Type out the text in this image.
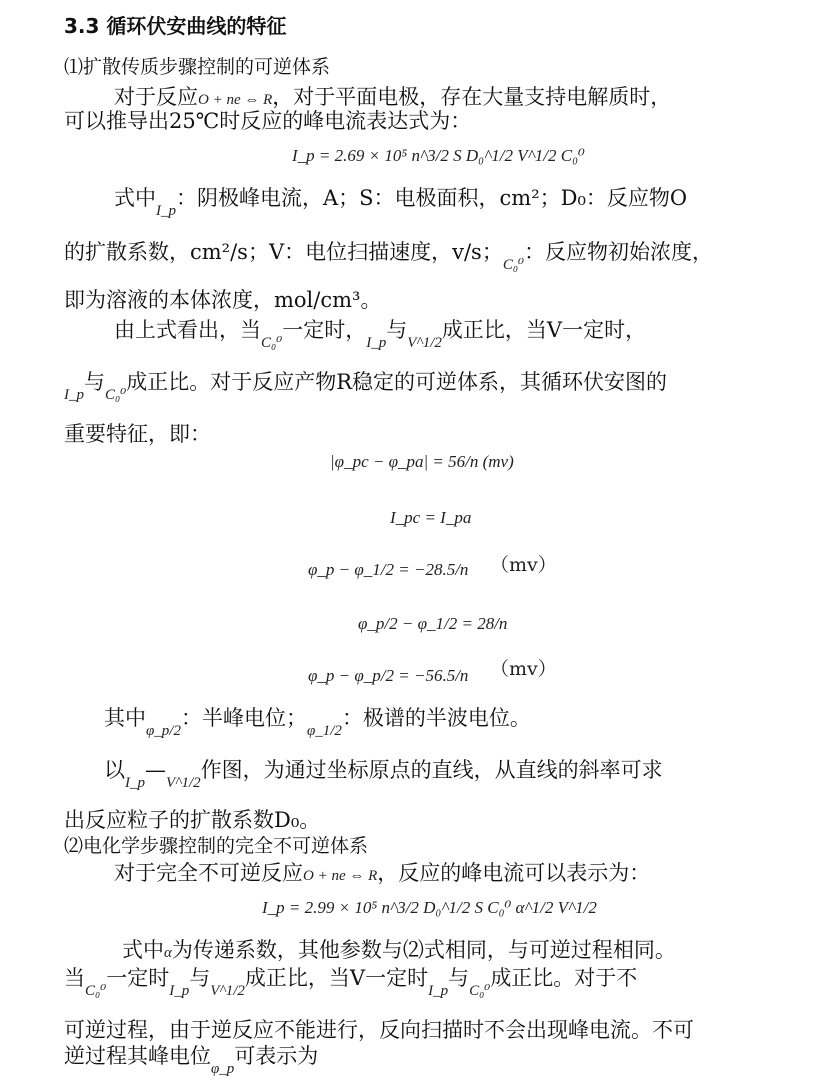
3.3 循环伏安曲线的特征
⑴扩散传质步骤控制的可逆体系
对于反应O + ne ⇔ R，对于平面电极，存在大量支持电解质时，
可以推导出25℃时反应的峰电流表达式为：
I_p = 2.69 × 10⁵ n^3/2 S D₀^1/2 V^1/2 C₀⁰
式中I_p：阴极峰电流，A；S：电极面积，cm²；D₀：反应物O
的扩散系数，cm²/s；V：电位扫描速度，v/s；C₀⁰：反应物初始浓度，
即为溶液的本体浓度，mol/cm³。
由上式看出，当C₀⁰一定时，I_p与V^1/2成正比，当V一定时，
I_p与C₀⁰成正比。对于反应产物R稳定的可逆体系，其循环伏安图的
重要特征，即：
|φ_pc − φ_pa| = 56/n (mv)
I_pc = I_pa
φ_p − φ_1/2 = −28.5/n （mv）
φ_p/2 − φ_1/2 = 28/n
φ_p − φ_p/2 = −56.5/n （mv）
其中φ_p/2：半峰电位；φ_1/2：极谱的半波电位。
以I_p—V^1/2作图，为通过坐标原点的直线，从直线的斜率可求
出反应粒子的扩散系数D₀。
⑵电化学步骤控制的完全不可逆体系
对于完全不可逆反应O + ne ⇔ R，反应的峰电流可以表示为：
I_p = 2.99 × 10⁵ n^3/2 D₀^1/2 S C₀⁰ α^1/2 V^1/2
式中α为传递系数，其他参数与⑵式相同，与可逆过程相同。
当C₀⁰一定时I_p与V^1/2成正比，当V一定时I_p与C₀⁰成正比。对于不
可逆过程，由于逆反应不能进行，反向扫描时不会出现峰电流。不可
逆过程其峰电位φ_p可表示为
